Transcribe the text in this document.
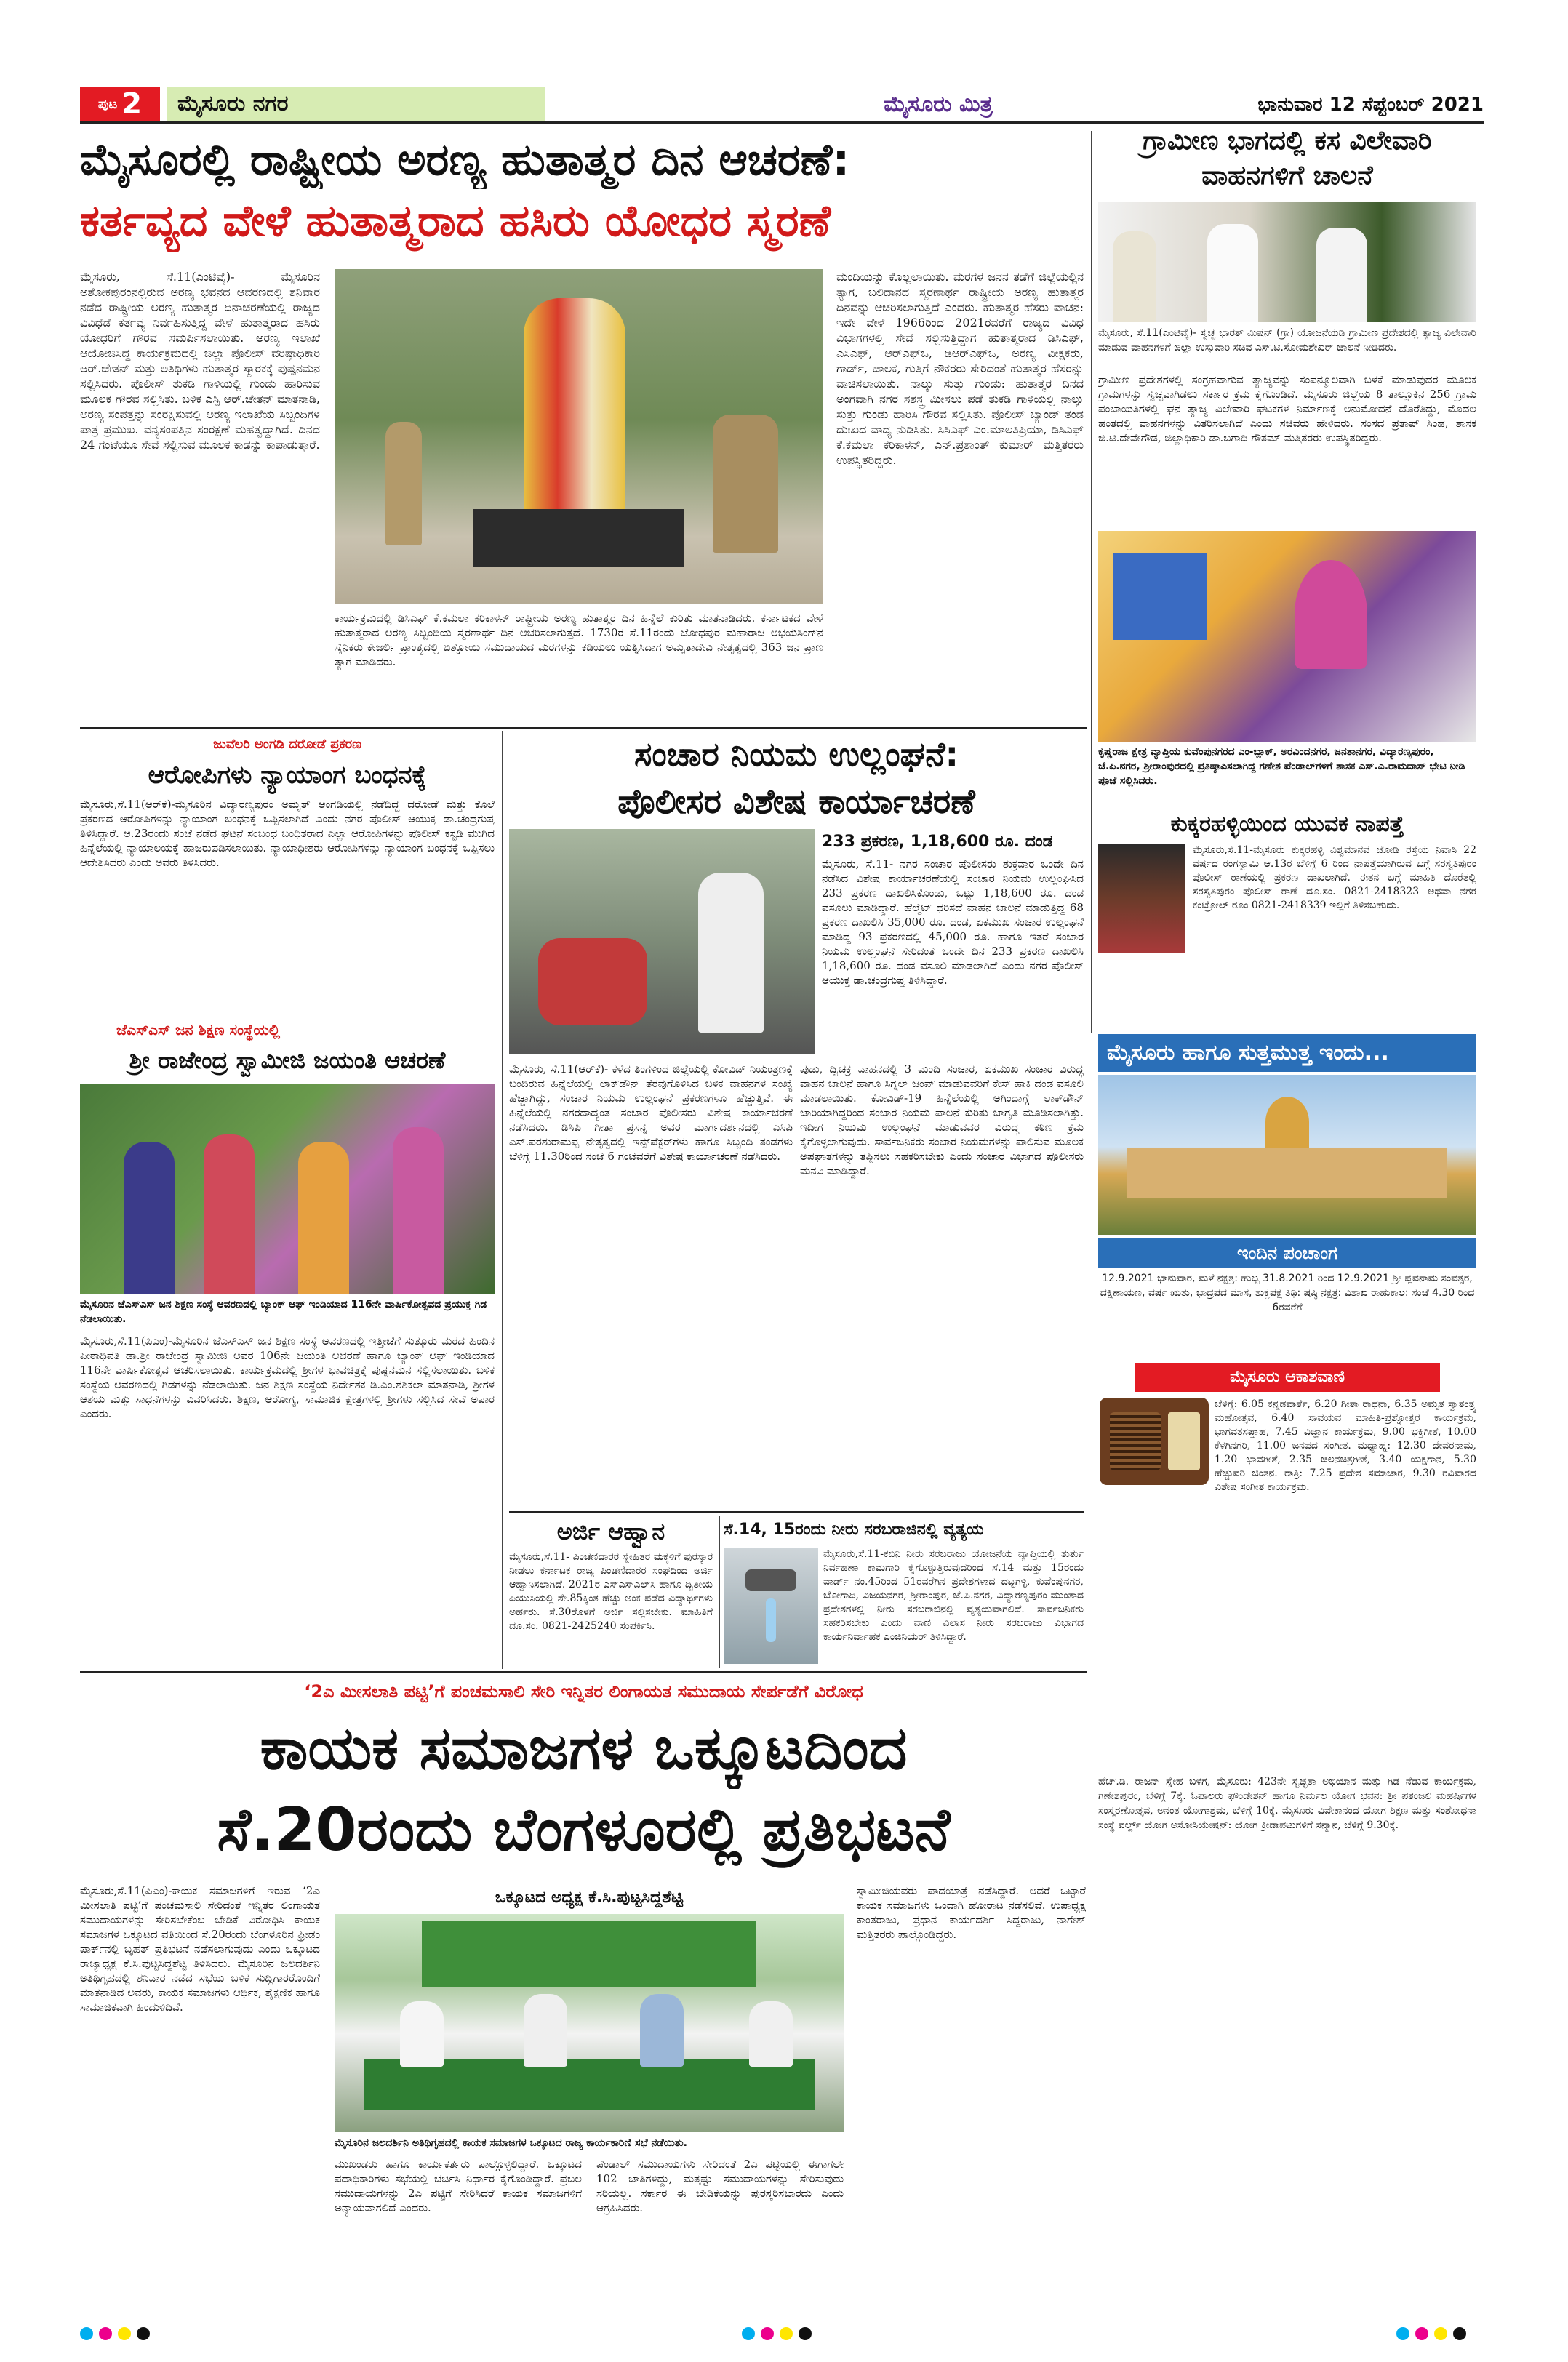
ಪುಟ 2	ಮೈಸೂರು ನಗರ	ಮೈಸೂರು ಮಿತ್ರ	ಭಾನುವಾರ 12 ಸೆಪ್ಟೆಂಬರ್ 2021
ಮೈಸೂರಲ್ಲಿ ರಾಷ್ಟ್ರೀಯ ಅರಣ್ಯ ಹುತಾತ್ಮರ ದಿನ ಆಚರಣೆ:
ಕರ್ತವ್ಯದ ವೇಳೆ ಹುತಾತ್ಮರಾದ ಹಸಿರು ಯೋಧರ ಸ್ಮರಣೆ
ಮೈಸೂರು, ಸೆ.11(ಎಂಟಿವೈ)- ಮೈಸೂರಿನ ಅಶೋಕಪುರಂನಲ್ಲಿರುವ ಅರಣ್ಯ ಭವನದ ಆವರಣದಲ್ಲಿ ಶನಿವಾರ ನಡೆದ ರಾಷ್ಟ್ರೀಯ ಅರಣ್ಯ ಹುತಾತ್ಮರ ದಿನಾಚರಣೆಯಲ್ಲಿ ರಾಜ್ಯದ ವಿವಿಧೆಡೆ ಕರ್ತವ್ಯ ನಿರ್ವಹಿಸುತ್ತಿದ್ದ ವೇಳೆ ಹುತಾತ್ಮರಾದ ಹಸಿರು ಯೋಧರಿಗೆ ಗೌರವ ಸಮರ್ಪಿಸಲಾಯಿತು. ಅರಣ್ಯ ಇಲಾಖೆ ಆಯೋಜಿಸಿದ್ದ ಕಾರ್ಯಕ್ರಮದಲ್ಲಿ ಜಿಲ್ಲಾ ಪೊಲೀಸ್ ವರಿಷ್ಠಾಧಿಕಾರಿ ಆರ್.ಚೇತನ್ ಮತ್ತು ಅತಿಥಿಗಳು ಹುತಾತ್ಮರ ಸ್ಮಾರಕಕ್ಕೆ ಪುಷ್ಪನಮನ ಸಲ್ಲಿಸಿದರು. ಪೊಲೀಸ್ ತುಕಡಿ ಗಾಳಿಯಲ್ಲಿ ಗುಂಡು ಹಾರಿಸುವ ಮೂಲಕ ಗೌರವ ಸಲ್ಲಿಸಿತು. ಬಳಿಕ ಎಸ್ಪಿ ಆರ್.ಚೇತನ್ ಮಾತನಾಡಿ, ಅರಣ್ಯ ಸಂಪತ್ತನ್ನು ಸಂರಕ್ಷಿಸುವಲ್ಲಿ ಅರಣ್ಯ ಇಲಾಖೆಯ ಸಿಬ್ಬಂದಿಗಳ ಪಾತ್ರ ಪ್ರಮುಖ. ವನ್ಯಸಂಪತ್ತಿನ ಸಂರಕ್ಷಣೆ ಮಹತ್ವದ್ದಾಗಿದೆ. ದಿನದ 24 ಗಂಟೆಯೂ ಸೇವೆ ಸಲ್ಲಿಸುವ ಮೂಲಕ ಕಾಡನ್ನು ಕಾಪಾಡುತ್ತಾರೆ.
ಕಾರ್ಯಕ್ರಮದಲ್ಲಿ ಡಿಸಿಎಫ್ ಕೆ.ಕಮಲಾ ಕರಿಕಾಳನ್ ರಾಷ್ಟ್ರೀಯ ಅರಣ್ಯ ಹುತಾತ್ಮರ ದಿನ ಹಿನ್ನೆಲೆ ಕುರಿತು ಮಾತನಾಡಿದರು. ಕರ್ನಾಟಕದ ವೇಳೆ ಹುತಾತ್ಮರಾದ ಅರಣ್ಯ ಸಿಬ್ಬಂದಿಯ ಸ್ಮರಣಾರ್ಥ ದಿನ ಆಚರಿಸಲಾಗುತ್ತದೆ. 1730ರ ಸೆ.11ರಂದು ಜೋಧಪುರ ಮಹಾರಾಜ ಅಭಯಸಿಂಗ್‌ನ ಸೈನಿಕರು ಕೇಜರ್ಲಿ ಪ್ರಾಂತ್ಯದಲ್ಲಿ ಬಿಶ್ನೋಯಿ ಸಮುದಾಯದ ಮರಗಳನ್ನು ಕಡಿಯಲು ಯತ್ನಿಸಿದಾಗ ಅಮೃತಾದೇವಿ ನೇತೃತ್ವದಲ್ಲಿ 363 ಜನ ಪ್ರಾಣ ತ್ಯಾಗ ಮಾಡಿದರು.
ಮಂದಿಯನ್ನು ಕೊಲ್ಲಲಾಯಿತು. ಮರಗಳ ಜನನ ತಡೆಗೆ ಜಿಲ್ಲೆಯಲ್ಲಿನ ತ್ಯಾಗ, ಬಲಿದಾನದ ಸ್ಮರಣಾರ್ಥ ರಾಷ್ಟ್ರೀಯ ಅರಣ್ಯ ಹುತಾತ್ಮರ ದಿನವನ್ನು ಆಚರಿಸಲಾಗುತ್ತಿದೆ ಎಂದರು. ಹುತಾತ್ಮರ ಹೆಸರು ವಾಚನ: ಇದೇ ವೇಳೆ 1966ರಿಂದ 2021ರವರೆಗೆ ರಾಜ್ಯದ ವಿವಿಧ ವಿಭಾಗಗಳಲ್ಲಿ ಸೇವೆ ಸಲ್ಲಿಸುತ್ತಿದ್ದಾಗ ಹುತಾತ್ಮರಾದ ಡಿಸಿಎಫ್, ಎಸಿಎಫ್, ಆರ್‌ಎಫ್‌ಒ, ಡಿಆರ್‌ಎಫ್‌ಒ, ಅರಣ್ಯ ವೀಕ್ಷಕರು, ಗಾರ್ಡ್, ಚಾಲಕ, ಗುತ್ತಿಗೆ ನೌಕರರು ಸೇರಿದಂತೆ ಹುತಾತ್ಮರ ಹೆಸರನ್ನು ವಾಚಿಸಲಾಯಿತು. ನಾಲ್ಕು ಸುತ್ತು ಗುಂಡು: ಹುತಾತ್ಮರ ದಿನದ ಅಂಗವಾಗಿ ನಗರ ಸಶಸ್ತ್ರ ಮೀಸಲು ಪಡೆ ತುಕಡಿ ಗಾಳಿಯಲ್ಲಿ ನಾಲ್ಕು ಸುತ್ತು ಗುಂಡು ಹಾರಿಸಿ ಗೌರವ ಸಲ್ಲಿಸಿತು. ಪೊಲೀಸ್ ಬ್ಯಾಂಡ್ ತಂಡ ದುಃಖದ ವಾದ್ಯ ನುಡಿಸಿತು. ಸಿಸಿಎಫ್ ಎಂ.ಮಾಲತಿಪ್ರಿಯಾ, ಡಿಸಿಎಫ್ ಕೆ.ಕಮಲಾ ಕರಿಕಾಳನ್, ಎನ್.ಪ್ರಶಾಂತ್ ಕುಮಾರ್ ಮತ್ತಿತರರು ಉಪಸ್ಥಿತರಿದ್ದರು.
ಗ್ರಾಮೀಣ ಭಾಗದಲ್ಲಿ ಕಸ ವಿಲೇವಾರಿ ವಾಹನಗಳಿಗೆ ಚಾಲನೆ
ಮೈಸೂರು, ಸೆ.11(ಎಂಟಿವೈ)- ಸ್ವಚ್ಛ ಭಾರತ್ ಮಿಷನ್ (ಗ್ರಾ) ಯೋಜನೆಯಡಿ ಗ್ರಾಮೀಣ ಪ್ರದೇಶದಲ್ಲಿ ತ್ಯಾಜ್ಯ ವಿಲೇವಾರಿ ಮಾಡುವ ವಾಹನಗಳಿಗೆ ಜಿಲ್ಲಾ ಉಸ್ತುವಾರಿ ಸಚಿವ ಎಸ್.ಟಿ.ಸೋಮಶೇಖರ್ ಚಾಲನೆ ನೀಡಿದರು.
ಗ್ರಾಮೀಣ ಪ್ರದೇಶಗಳಲ್ಲಿ ಸಂಗ್ರಹವಾಗುವ ತ್ಯಾಜ್ಯವನ್ನು ಸಂಪನ್ಮೂಲವಾಗಿ ಬಳಕೆ ಮಾಡುವುದರ ಮೂಲಕ ಗ್ರಾಮಗಳನ್ನು ಸ್ವಚ್ಛವಾಗಿಡಲು ಸರ್ಕಾರ ಕ್ರಮ ಕೈಗೊಂಡಿದೆ. ಮೈಸೂರು ಜಿಲ್ಲೆಯ 8 ತಾಲ್ಲೂಕಿನ 256 ಗ್ರಾಮ ಪಂಚಾಯಿತಿಗಳಲ್ಲಿ ಘನ ತ್ಯಾಜ್ಯ ವಿಲೇವಾರಿ ಘಟಕಗಳ ನಿರ್ಮಾಣಕ್ಕೆ ಅನುಮೋದನೆ ದೊರೆತಿದ್ದು, ಮೊದಲ ಹಂತದಲ್ಲಿ ವಾಹನಗಳನ್ನು ವಿತರಿಸಲಾಗಿದೆ ಎಂದು ಸಚಿವರು ಹೇಳಿದರು. ಸಂಸದ ಪ್ರತಾಪ್ ಸಿಂಹ, ಶಾಸಕ ಜಿ.ಟಿ.ದೇವೇಗೌಡ, ಜಿಲ್ಲಾಧಿಕಾರಿ ಡಾ.ಬಗಾದಿ ಗೌತಮ್ ಮತ್ತಿತರರು ಉಪಸ್ಥಿತರಿದ್ದರು.
ಕೃಷ್ಣರಾಜ ಕ್ಷೇತ್ರ ವ್ಯಾಪ್ತಿಯ ಕುವೆಂಪುನಗರದ ಎಂ-ಬ್ಲಾಕ್, ಅರವಿಂದನಗರ, ಜನತಾನಗರ, ವಿದ್ಯಾರಣ್ಯಪುರಂ, ಜೆ.ಪಿ.ನಗರ, ಶ್ರೀರಾಂಪುರದಲ್ಲಿ ಪ್ರತಿಷ್ಠಾಪಿಸಲಾಗಿದ್ದ ಗಣೇಶ ಪೆಂಡಾಲ್‌ಗಳಿಗೆ ಶಾಸಕ ಎಸ್.ಎ.ರಾಮದಾಸ್ ಭೇಟಿ ನೀಡಿ ಪೂಜೆ ಸಲ್ಲಿಸಿದರು.
ಕುಕ್ಕರಹಳ್ಳಿಯಿಂದ ಯುವಕ ನಾಪತ್ತೆ
ಮೈಸೂರು,ಸೆ.11-ಮೈಸೂರು ಕುಕ್ಕರಹಳ್ಳಿ ವಿಶ್ವಮಾನವ ಜೋಡಿ ರಸ್ತೆಯ ನಿವಾಸಿ 22 ವರ್ಷದ ರಂಗಸ್ವಾಮಿ ಆ.13ರ ಬೆಳಿಗ್ಗೆ 6 ರಿಂದ ನಾಪತ್ತೆಯಾಗಿರುವ ಬಗ್ಗೆ ಸರಸ್ವತಿಪುರಂ ಪೊಲೀಸ್ ಠಾಣೆಯಲ್ಲಿ ಪ್ರಕರಣ ದಾಖಲಾಗಿದೆ. ಈತನ ಬಗ್ಗೆ ಮಾಹಿತಿ ದೊರೆತಲ್ಲಿ ಸರಸ್ವತಿಪುರಂ ಪೊಲೀಸ್ ಠಾಣೆ ದೂ.ಸಂ. 0821-2418323 ಅಥವಾ ನಗರ ಕಂಟ್ರೋಲ್ ರೂಂ 0821-2418339 ಇಲ್ಲಿಗೆ ತಿಳಿಸಬಹುದು.
ಮೈಸೂರು ಹಾಗೂ ಸುತ್ತಮುತ್ತ ಇಂದು...
ಇಂದಿನ ಪಂಚಾಂಗ
12.9.2021 ಭಾನುವಾರ, ಮಳೆ ನಕ್ಷತ್ರ: ಹುಬ್ಬ 31.8.2021 ರಿಂದ 12.9.2021 ಶ್ರೀ ಪ್ಲವನಾಮ ಸಂವತ್ಸರ, ದಕ್ಷಿಣಾಯಣ, ವರ್ಷ ಋತು, ಭಾದ್ರಪದ ಮಾಸ, ಶುಕ್ಲಪಕ್ಷ ತಿಥಿ: ಷಷ್ಠಿ ನಕ್ಷತ್ರ: ವಿಶಾಖ ರಾಹುಕಾಲ: ಸಂಜೆ 4.30 ರಿಂದ 6ರವರೆಗೆ
ಮೈಸೂರು ಆಕಾಶವಾಣಿ
ಬೆಳಿಗ್ಗೆ: 6.05 ಕನ್ನಡವಾರ್ತೆ, 6.20 ಗೀತಾ ರಾಧನಾ, 6.35 ಅಮೃತ ಸ್ವಾತಂತ್ರ್ಯ ಮಹೋತ್ಸವ, 6.40 ಸಾವಯವ ಮಾಹಿತಿ-ಪ್ರಶ್ನೋತ್ತರ ಕಾರ್ಯಕ್ರಮ, ಭಾಗವತಸಪ್ತಾಹ, 7.45 ವಿಜ್ಞಾನ ಕಾರ್ಯಕ್ರಮ, 9.00 ಭಕ್ತಿಗೀತೆ, 10.00 ಕೆಳಗಿನಗರಿ, 11.00 ಜನಪದ ಸಂಗೀತ. ಮಧ್ಯಾಹ್ನ: 12.30 ದೇವರನಾಮ, 1.20 ಭಾವಗೀತೆ, 2.35 ಚಲನಚಿತ್ರಗೀತೆ, 3.40 ಯಕ್ಷಗಾನ, 5.30 ಹೆಚ್ಚುವರಿ ಚಿಂತನ. ರಾತ್ರಿ: 7.25 ಪ್ರದೇಶ ಸಮಾಚಾರ, 9.30 ರವಿವಾರದ ವಿಶೇಷ ಸಂಗೀತ ಕಾರ್ಯಕ್ರಮ.
ಹೆಚ್.ಡಿ. ರಾಜನ್ ಸ್ನೇಹ ಬಳಗ, ಮೈಸೂರು: 423ನೇ ಸ್ವಚ್ಛತಾ ಅಭಿಯಾನ ಮತ್ತು ಗಿಡ ನೆಡುವ ಕಾರ್ಯಕ್ರಮ, ಗಣೇಶಪುರಂ, ಬೆಳಿಗ್ಗೆ 7ಕ್ಕೆ. ಓಪಾಲರು ಫೌಂಡೇಶನ್ ಹಾಗೂ ನಿರ್ಮಲ ಯೋಗ ಭವನ: ಶ್ರೀ ಪತಂಜಲಿ ಮಹರ್ಷಿಗಳ ಸಂಸ್ಮರಣೋತ್ಸವ, ಅನಂತ ಯೋಗಾಶ್ರಮ, ಬೆಳಿಗ್ಗೆ 10ಕ್ಕೆ. ಮೈಸೂರು ವಿವೇಕಾನಂದ ಯೋಗ ಶಿಕ್ಷಣ ಮತ್ತು ಸಂಶೋಧನಾ ಸಂಸ್ಥೆ ವರ್ಲ್ಡ್ ಯೋಗ ಅಸೋಸಿಯೇಷನ್: ಯೋಗ ಕ್ರೀಡಾಪಟುಗಳಿಗೆ ಸನ್ಮಾನ, ಬೆಳಿಗ್ಗೆ 9.30ಕ್ಕೆ.
ಜುವೆಲರಿ ಅಂಗಡಿ ದರೋಡೆ ಪ್ರಕರಣ
ಆರೋಪಿಗಳು ನ್ಯಾಯಾಂಗ ಬಂಧನಕ್ಕೆ
ಮೈಸೂರು,ಸೆ.11(ಆರ್‌ಕೆ)-ಮೈಸೂರಿನ ವಿದ್ಯಾರಣ್ಯಪುರಂ ಅಮೃತ್ ಆಂಗಡಿಯಲ್ಲಿ ನಡೆದಿದ್ದ ದರೋಡೆ ಮತ್ತು ಕೊಲೆ ಪ್ರಕರಣದ ಆರೋಪಿಗಳನ್ನು ನ್ಯಾಯಾಂಗ ಬಂಧನಕ್ಕೆ ಒಪ್ಪಿಸಲಾಗಿದೆ ಎಂದು ನಗರ ಪೊಲೀಸ್ ಆಯುಕ್ತ ಡಾ.ಚಂದ್ರಗುಪ್ತ ತಿಳಿಸಿದ್ದಾರೆ. ಆ.23ರಂದು ಸಂಜೆ ನಡೆದ ಘಟನೆ ಸಂಬಂಧ ಬಂಧಿತರಾದ ಎಲ್ಲಾ ಆರೋಪಿಗಳನ್ನು ಪೊಲೀಸ್ ಕಸ್ಟಡಿ ಮುಗಿದ ಹಿನ್ನೆಲೆಯಲ್ಲಿ ನ್ಯಾಯಾಲಯಕ್ಕೆ ಹಾಜರುಪಡಿಸಲಾಯಿತು. ನ್ಯಾಯಾಧೀಶರು ಆರೋಪಿಗಳನ್ನು ನ್ಯಾಯಾಂಗ ಬಂಧನಕ್ಕೆ ಒಪ್ಪಿಸಲು ಆದೇಶಿಸಿದರು ಎಂದು ಅವರು ತಿಳಿಸಿದರು.
ಜೆಎಸ್‌ಎಸ್ ಜನ ಶಿಕ್ಷಣ ಸಂಸ್ಥೆಯಲ್ಲಿ
ಶ್ರೀ ರಾಜೇಂದ್ರ ಸ್ವಾಮೀಜಿ ಜಯಂತಿ ಆಚರಣೆ
ಮೈಸೂರಿನ ಜೆಎಸ್‌ಎಸ್ ಜನ ಶಿಕ್ಷಣ ಸಂಸ್ಥೆ ಆವರಣದಲ್ಲಿ ಬ್ಯಾಂಕ್ ಆಫ್ ಇಂಡಿಯಾದ 116ನೇ ವಾರ್ಷಿಕೋತ್ಸವದ ಪ್ರಯುಕ್ತ ಗಿಡ ನೆಡಲಾಯಿತು.
ಮೈಸೂರು,ಸೆ.11(ಪಿಎಂ)-ಮೈಸೂರಿನ ಜೆಎಸ್‌ಎಸ್ ಜನ ಶಿಕ್ಷಣ ಸಂಸ್ಥೆ ಆವರಣದಲ್ಲಿ ಇತ್ತೀಚೆಗೆ ಸುತ್ತೂರು ಮಠದ ಹಿಂದಿನ ಪೀಠಾಧಿಪತಿ ಡಾ.ಶ್ರೀ ರಾಜೇಂದ್ರ ಸ್ವಾಮೀಜಿ ಅವರ 106ನೇ ಜಯಂತಿ ಆಚರಣೆ ಹಾಗೂ ಬ್ಯಾಂಕ್ ಆಫ್ ಇಂಡಿಯಾದ 116ನೇ ವಾರ್ಷಿಕೋತ್ಸವ ಆಚರಿಸಲಾಯಿತು. ಕಾರ್ಯಕ್ರಮದಲ್ಲಿ ಶ್ರೀಗಳ ಭಾವಚಿತ್ರಕ್ಕೆ ಪುಷ್ಪನಮನ ಸಲ್ಲಿಸಲಾಯಿತು. ಬಳಿಕ ಸಂಸ್ಥೆಯ ಆವರಣದಲ್ಲಿ ಗಿಡಗಳನ್ನು ನೆಡಲಾಯಿತು. ಜನ ಶಿಕ್ಷಣ ಸಂಸ್ಥೆಯ ನಿರ್ದೇಶಕ ಡಿ.ಎಂ.ಶಶಿಕಲಾ ಮಾತನಾಡಿ, ಶ್ರೀಗಳ ಆಶಯ ಮತ್ತು ಸಾಧನೆಗಳನ್ನು ವಿವರಿಸಿದರು. ಶಿಕ್ಷಣ, ಆರೋಗ್ಯ, ಸಾಮಾಜಿಕ ಕ್ಷೇತ್ರಗಳಲ್ಲಿ ಶ್ರೀಗಳು ಸಲ್ಲಿಸಿದ ಸೇವೆ ಅಪಾರ ಎಂದರು.
ಸಂಚಾರ ನಿಯಮ ಉಲ್ಲಂಘನೆ:
ಪೊಲೀಸರ ವಿಶೇಷ ಕಾರ್ಯಾಚರಣೆ
233 ಪ್ರಕರಣ, 1,18,600 ರೂ. ದಂಡ
ಮೈಸೂರು, ಸೆ.11- ನಗರ ಸಂಚಾರ ಪೊಲೀಸರು ಶುಕ್ರವಾರ ಒಂದೇ ದಿನ ನಡೆಸಿದ ವಿಶೇಷ ಕಾರ್ಯಾಚರಣೆಯಲ್ಲಿ ಸಂಚಾರ ನಿಯಮ ಉಲ್ಲಂಘಿಸಿದ 233 ಪ್ರಕರಣ ದಾಖಲಿಸಿಕೊಂಡು, ಒಟ್ಟು 1,18,600 ರೂ. ದಂಡ ವಸೂಲು ಮಾಡಿದ್ದಾರೆ. ಹೆಲ್ಮೆಟ್ ಧರಿಸದೆ ವಾಹನ ಚಾಲನೆ ಮಾಡುತ್ತಿದ್ದ 68 ಪ್ರಕರಣ ದಾಖಲಿಸಿ 35,000 ರೂ. ದಂಡ, ಏಕಮುಖ ಸಂಚಾರ ಉಲ್ಲಂಘನೆ ಮಾಡಿದ್ದ 93 ಪ್ರಕರಣದಲ್ಲಿ 45,000 ರೂ. ಹಾಗೂ ಇತರೆ ಸಂಚಾರ ನಿಯಮ ಉಲ್ಲಂಘನೆ ಸೇರಿದಂತೆ ಒಂದೇ ದಿನ 233 ಪ್ರಕರಣ ದಾಖಲಿಸಿ 1,18,600 ರೂ. ದಂಡ ವಸೂಲಿ ಮಾಡಲಾಗಿದೆ ಎಂದು ನಗರ ಪೊಲೀಸ್ ಆಯುಕ್ತ ಡಾ.ಚಂದ್ರಗುಪ್ತ ತಿಳಿಸಿದ್ದಾರೆ.
ಮೈಸೂರು, ಸೆ.11(ಆರ್‌ಕೆ)- ಕಳೆದ ತಿಂಗಳಿಂದ ಜಿಲ್ಲೆಯಲ್ಲಿ ಕೋವಿಡ್ ನಿಯಂತ್ರಣಕ್ಕೆ ಬಂದಿರುವ ಹಿನ್ನೆಲೆಯಲ್ಲಿ ಲಾಕ್‌ಡೌನ್ ತೆರವುಗೊಳಿಸಿದ ಬಳಿಕ ವಾಹನಗಳ ಸಂಖ್ಯೆ ಹೆಚ್ಚಾಗಿದ್ದು, ಸಂಚಾರ ನಿಯಮ ಉಲ್ಲಂಘನೆ ಪ್ರಕರಣಗಳೂ ಹೆಚ್ಚುತ್ತಿವೆ. ಈ ಹಿನ್ನೆಲೆಯಲ್ಲಿ ನಗರದಾದ್ಯಂತ ಸಂಚಾರ ಪೊಲೀಸರು ವಿಶೇಷ ಕಾರ್ಯಾಚರಣೆ ನಡೆಸಿದರು. ಡಿಸಿಪಿ ಗೀತಾ ಪ್ರಸನ್ನ ಅವರ ಮಾರ್ಗದರ್ಶನದಲ್ಲಿ ಎಸಿಪಿ ಎಸ್.ಪರಶುರಾಮಪ್ಪ ನೇತೃತ್ವದಲ್ಲಿ ಇನ್ಸ್‌ಪೆಕ್ಟರ್‌ಗಳು ಹಾಗೂ ಸಿಬ್ಬಂದಿ ತಂಡಗಳು ಬೆಳಿಗ್ಗೆ 11.30ರಿಂದ ಸಂಜೆ 6 ಗಂಟೆವರೆಗೆ ವಿಶೇಷ ಕಾರ್ಯಾಚರಣೆ ನಡೆಸಿದರು.
ಪುಡು, ದ್ವಿಚಕ್ರ ವಾಹನದಲ್ಲಿ 3 ಮಂದಿ ಸಂಚಾರ, ಏಕಮುಖ ಸಂಚಾರ ವಿರುದ್ಧ ವಾಹನ ಚಾಲನೆ ಹಾಗೂ ಸಿಗ್ನಲ್ ಜಂಪ್ ಮಾಡುವವರಿಗೆ ಕೇಸ್ ಹಾಕಿ ದಂಡ ವಸೂಲಿ ಮಾಡಲಾಯಿತು. ಕೋವಿಡ್-19 ಹಿನ್ನೆಲೆಯಲ್ಲಿ ಅಗಿಂದಾಗ್ಗೆ ಲಾಕ್‌ಡೌನ್ ಜಾರಿಯಾಗಿದ್ದರಿಂದ ಸಂಚಾರ ನಿಯಮ ಪಾಲನೆ ಕುರಿತು ಜಾಗೃತಿ ಮೂಡಿಸಲಾಗಿತ್ತು. ಇದೀಗ ನಿಯಮ ಉಲ್ಲಂಘನೆ ಮಾಡುವವರ ವಿರುದ್ಧ ಕಠಿಣ ಕ್ರಮ ಕೈಗೊಳ್ಳಲಾಗುವುದು. ಸಾರ್ವಜನಿಕರು ಸಂಚಾರ ನಿಯಮಗಳನ್ನು ಪಾಲಿಸುವ ಮೂಲಕ ಅಪಘಾತಗಳನ್ನು ತಪ್ಪಿಸಲು ಸಹಕರಿಸಬೇಕು ಎಂದು ಸಂಚಾರ ವಿಭಾಗದ ಪೊಲೀಸರು ಮನವಿ ಮಾಡಿದ್ದಾರೆ.
ಅರ್ಜಿ ಆಹ್ವಾನ
ಮೈಸೂರು,ಸೆ.11- ಪಿಂಚಣಿದಾರರ ಸ್ನೇಹಿತರ ಮಕ್ಕಳಿಗೆ ಪುರಸ್ಕಾರ ನೀಡಲು ಕರ್ನಾಟಕ ರಾಜ್ಯ ಪಿಂಚಣಿದಾರರ ಸಂಘದಿಂದ ಅರ್ಜಿ ಆಹ್ವಾನಿಸಲಾಗಿದೆ. 2021ರ ಎಸ್‌ಎಸ್‌ಎಲ್‌ಸಿ ಹಾಗೂ ದ್ವಿತೀಯ ಪಿಯುಸಿಯಲ್ಲಿ ಶೇ.85ಕ್ಕಿಂತ ಹೆಚ್ಚು ಅಂಕ ಪಡೆದ ವಿದ್ಯಾರ್ಥಿಗಳು ಅರ್ಹರು. ಸೆ.30ರೊಳಗೆ ಅರ್ಜಿ ಸಲ್ಲಿಸಬೇಕು. ಮಾಹಿತಿಗೆ ದೂ.ಸಂ. 0821-2425240 ಸಂಪರ್ಕಿಸಿ.
ಸೆ.14, 15ರಂದು ನೀರು ಸರಬರಾಜಿನಲ್ಲಿ ವ್ಯತ್ಯಯ
ಮೈಸೂರು,ಸೆ.11-ಕಬಿನಿ ನೀರು ಸರಬರಾಜು ಯೋಜನೆಯ ವ್ಯಾಪ್ತಿಯಲ್ಲಿ ತುರ್ತು ನಿರ್ವಹಣಾ ಕಾಮಗಾರಿ ಕೈಗೊಳ್ಳುತ್ತಿರುವುದರಿಂದ ಸೆ.14 ಮತ್ತು 15ರಂದು ವಾರ್ಡ್ ನಂ.45ರಿಂದ 51ರವರೆಗಿನ ಪ್ರದೇಶಗಳಾದ ದಟ್ಟಗಳ್ಳಿ, ಕುವೆಂಪುನಗರ, ಬೋಗಾದಿ, ವಿಜಯನಗರ, ಶ್ರೀರಾಂಪುರ, ಜೆ.ಪಿ.ನಗರ, ವಿದ್ಯಾರಣ್ಯಪುರಂ ಮುಂತಾದ ಪ್ರದೇಶಗಳಲ್ಲಿ ನೀರು ಸರಬರಾಜಿನಲ್ಲಿ ವ್ಯತ್ಯಯವಾಗಲಿದೆ. ಸಾರ್ವಜನಿಕರು ಸಹಕರಿಸಬೇಕು ಎಂದು ವಾಣಿ ವಿಲಾಸ ನೀರು ಸರಬರಾಜು ವಿಭಾಗದ ಕಾರ್ಯನಿರ್ವಾಹಕ ಎಂಜಿನಿಯರ್ ತಿಳಿಸಿದ್ದಾರೆ.
‘2ಎ ಮೀಸಲಾತಿ ಪಟ್ಟಿ’ಗೆ ಪಂಚಮಸಾಲಿ ಸೇರಿ ಇನ್ನಿತರ ಲಿಂಗಾಯತ ಸಮುದಾಯ ಸೇರ್ಪಡೆಗೆ ವಿರೋಧ
ಕಾಯಕ ಸಮಾಜಗಳ ಒಕ್ಕೂಟದಿಂದ
ಸೆ.20ರಂದು ಬೆಂಗಳೂರಲ್ಲಿ ಪ್ರತಿಭಟನೆ
ಮೈಸೂರು,ಸೆ.11(ಪಿಎಂ)-ಕಾಯಕ ಸಮಾಜಗಳಿಗೆ ಇರುವ ‘2ಎ ಮೀಸಲಾತಿ ಪಟ್ಟಿ’ಗೆ ಪಂಚಮಸಾಲಿ ಸೇರಿದಂತೆ ಇನ್ನಿತರ ಲಿಂಗಾಯತ ಸಮುದಾಯಗಳನ್ನು ಸೇರಿಸಬೇಕೆಂಬ ಬೇಡಿಕೆ ವಿರೋಧಿಸಿ ಕಾಯಕ ಸಮಾಜಗಳ ಒಕ್ಕೂಟದ ವತಿಯಿಂದ ಸೆ.20ರಂದು ಬೆಂಗಳೂರಿನ ಫ್ರೀಡಂ ಪಾರ್ಕ್‌ನಲ್ಲಿ ಬೃಹತ್ ಪ್ರತಿಭಟನೆ ನಡೆಸಲಾಗುವುದು ಎಂದು ಒಕ್ಕೂಟದ ರಾಜ್ಯಾಧ್ಯಕ್ಷ ಕೆ.ಸಿ.ಪುಟ್ಟಸಿದ್ದಶೆಟ್ಟಿ ತಿಳಿಸಿದರು. ಮೈಸೂರಿನ ಜಲದರ್ಶಿನಿ ಅತಿಥಿಗೃಹದಲ್ಲಿ ಶನಿವಾರ ನಡೆದ ಸಭೆಯ ಬಳಿಕ ಸುದ್ದಿಗಾರರೊಂದಿಗೆ ಮಾತನಾಡಿದ ಅವರು, ಕಾಯಕ ಸಮಾಜಗಳು ಆರ್ಥಿಕ, ಶೈಕ್ಷಣಿಕ ಹಾಗೂ ಸಾಮಾಜಿಕವಾಗಿ ಹಿಂದುಳಿದಿವೆ.
ಒಕ್ಕೂಟದ ಅಧ್ಯಕ್ಷ ಕೆ.ಸಿ.ಪುಟ್ಟಸಿದ್ದಶೆಟ್ಟಿ
ಮೈಸೂರಿನ ಜಲದರ್ಶಿನಿ ಅತಿಥಿಗೃಹದಲ್ಲಿ ಕಾಯಕ ಸಮಾಜಗಳ ಒಕ್ಕೂಟದ ರಾಜ್ಯ ಕಾರ್ಯಕಾರಿಣಿ ಸಭೆ ನಡೆಯಿತು.
ಮುಖಂಡರು ಹಾಗೂ ಕಾರ್ಯಕರ್ತರು ಪಾಲ್ಗೊಳ್ಳಲಿದ್ದಾರೆ. ಒಕ್ಕೂಟದ ಪದಾಧಿಕಾರಿಗಳು ಸಭೆಯಲ್ಲಿ ಚರ್ಚಿಸಿ ನಿರ್ಧಾರ ಕೈಗೊಂಡಿದ್ದಾರೆ. ಪ್ರಬಲ ಸಮುದಾಯಗಳನ್ನು 2ಎ ಪಟ್ಟಿಗೆ ಸೇರಿಸಿದರೆ ಕಾಯಕ ಸಮಾಜಗಳಿಗೆ ಅನ್ಯಾಯವಾಗಲಿದೆ ಎಂದರು.
ಪೆಂಡಾಲ್ ಸಮುದಾಯಗಳು ಸೇರಿದಂತೆ 2ಎ ಪಟ್ಟಿಯಲ್ಲಿ ಈಗಾಗಲೇ 102 ಜಾತಿಗಳಿದ್ದು, ಮತ್ತಷ್ಟು ಸಮುದಾಯಗಳನ್ನು ಸೇರಿಸುವುದು ಸರಿಯಲ್ಲ. ಸರ್ಕಾರ ಈ ಬೇಡಿಕೆಯನ್ನು ಪುರಸ್ಕರಿಸಬಾರದು ಎಂದು ಆಗ್ರಹಿಸಿದರು.
ಸ್ವಾಮೀಜಿಯವರು ಪಾದಯಾತ್ರೆ ನಡೆಸಿದ್ದಾರೆ. ಆದರೆ ಒಟ್ಟಾರೆ ಕಾಯಕ ಸಮಾಜಗಳು ಒಂದಾಗಿ ಹೋರಾಟ ನಡೆಸಲಿವೆ. ಉಪಾಧ್ಯಕ್ಷ ಕಾಂತರಾಜು, ಪ್ರಧಾನ ಕಾರ್ಯದರ್ಶಿ ಸಿದ್ದರಾಜು, ನಾಗೇಶ್ ಮತ್ತಿತರರು ಪಾಲ್ಗೊಂಡಿದ್ದರು.
